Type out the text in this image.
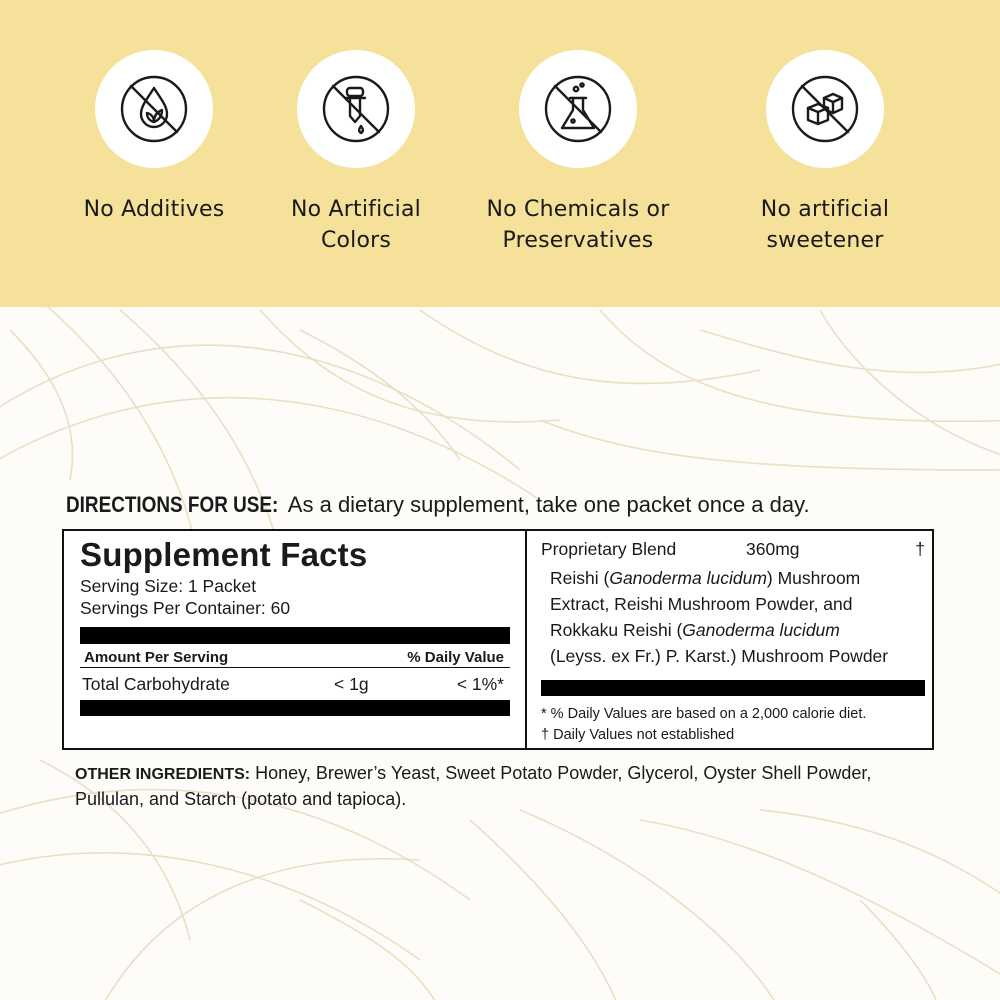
No Additives	No Artificial
Colors
No Chemicals or
Preservatives
No artificial
sweetener
DIRECTIONS FOR USE: As a dietary supplement, take one packet once a day.
Supplement Facts
Serving Size: 1 Packet
Servings Per Container: 60
Amount Per Serving	% Daily Value
Total Carbohydrate	< 1g	< 1%*
Proprietary Blend	360mg	†
Reishi (Ganoderma lucidum) Mushroom
Extract, Reishi Mushroom Powder, and
Rokkaku Reishi (Ganoderma lucidum
(Leyss. ex Fr.) P. Karst.) Mushroom Powder
* % Daily Values are based on a 2,000 calorie diet.
† Daily Values not established
OTHER INGREDIENTS: Honey, Brewer’s Yeast, Sweet Potato Powder, Glycerol, Oyster Shell Powder, Pullulan, and Starch (potato and tapioca).
